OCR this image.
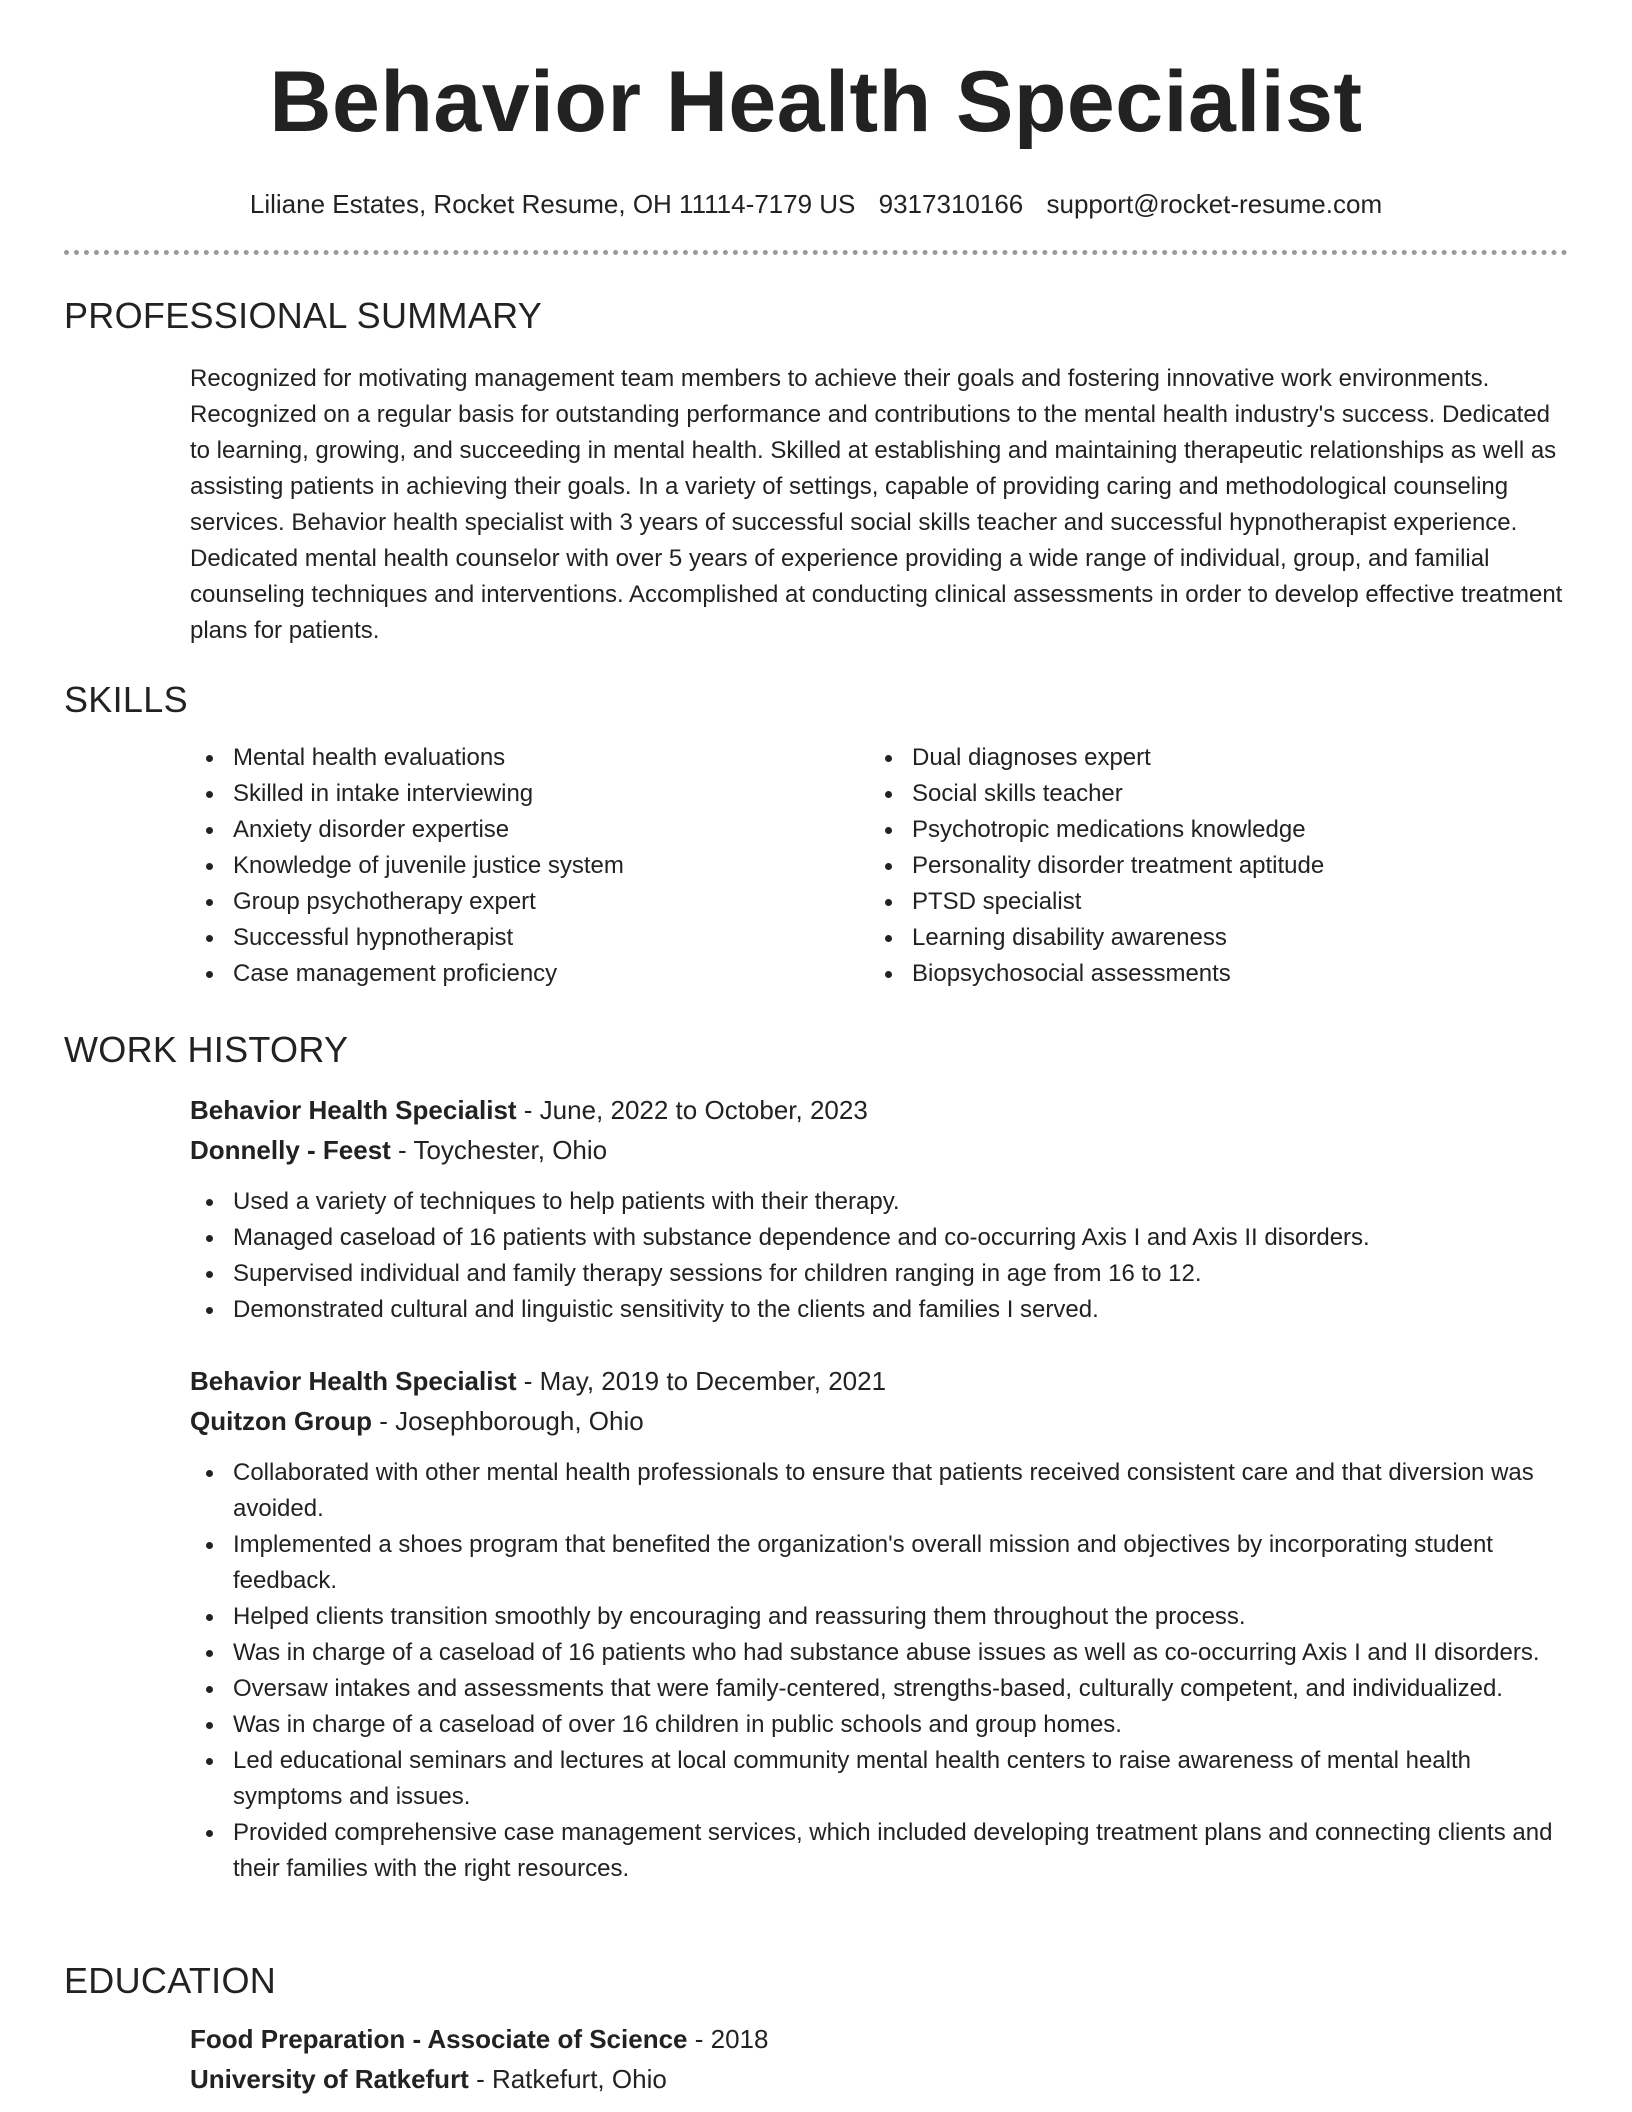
Behavior Health Specialist
Liliane Estates, Rocket Resume, OH 11114-7179 US 9317310166 support@rocket-resume.com
PROFESSIONAL SUMMARY
Recognized for motivating management team members to achieve their goals and fostering innovative work environments. Recognized on a regular basis for outstanding performance and contributions to the mental health industry's success. Dedicated to learning, growing, and succeeding in mental health. Skilled at establishing and maintaining therapeutic relationships as well as assisting patients in achieving their goals. In a variety of settings, capable of providing caring and methodological counseling services. Behavior health specialist with 3 years of successful social skills teacher and successful hypnotherapist experience. Dedicated mental health counselor with over 5 years of experience providing a wide range of individual, group, and familial counseling techniques and interventions. Accomplished at conducting clinical assessments in order to develop effective treatment plans for patients.
SKILLS
Mental health evaluations
Skilled in intake interviewing
Anxiety disorder expertise
Knowledge of juvenile justice system
Group psychotherapy expert
Successful hypnotherapist
Case management proficiency
Dual diagnoses expert
Social skills teacher
Psychotropic medications knowledge
Personality disorder treatment aptitude
PTSD specialist
Learning disability awareness
Biopsychosocial assessments
WORK HISTORY
Behavior Health Specialist - June, 2022 to October, 2023
Donnelly - Feest - Toychester, Ohio
Used a variety of techniques to help patients with their therapy.
Managed caseload of 16 patients with substance dependence and co-occurring Axis I and Axis II disorders.
Supervised individual and family therapy sessions for children ranging in age from 16 to 12.
Demonstrated cultural and linguistic sensitivity to the clients and families I served.
Behavior Health Specialist - May, 2019 to December, 2021
Quitzon Group - Josephborough, Ohio
Collaborated with other mental health professionals to ensure that patients received consistent care and that diversion was avoided.
Implemented a shoes program that benefited the organization's overall mission and objectives by incorporating student feedback.
Helped clients transition smoothly by encouraging and reassuring them throughout the process.
Was in charge of a caseload of 16 patients who had substance abuse issues as well as co-occurring Axis I and II disorders.
Oversaw intakes and assessments that were family-centered, strengths-based, culturally competent, and individualized.
Was in charge of a caseload of over 16 children in public schools and group homes.
Led educational seminars and lectures at local community mental health centers to raise awareness of mental health symptoms and issues.
Provided comprehensive case management services, which included developing treatment plans and connecting clients and their families with the right resources.
EDUCATION
Food Preparation - Associate of Science - 2018
University of Ratkefurt - Ratkefurt, Ohio
